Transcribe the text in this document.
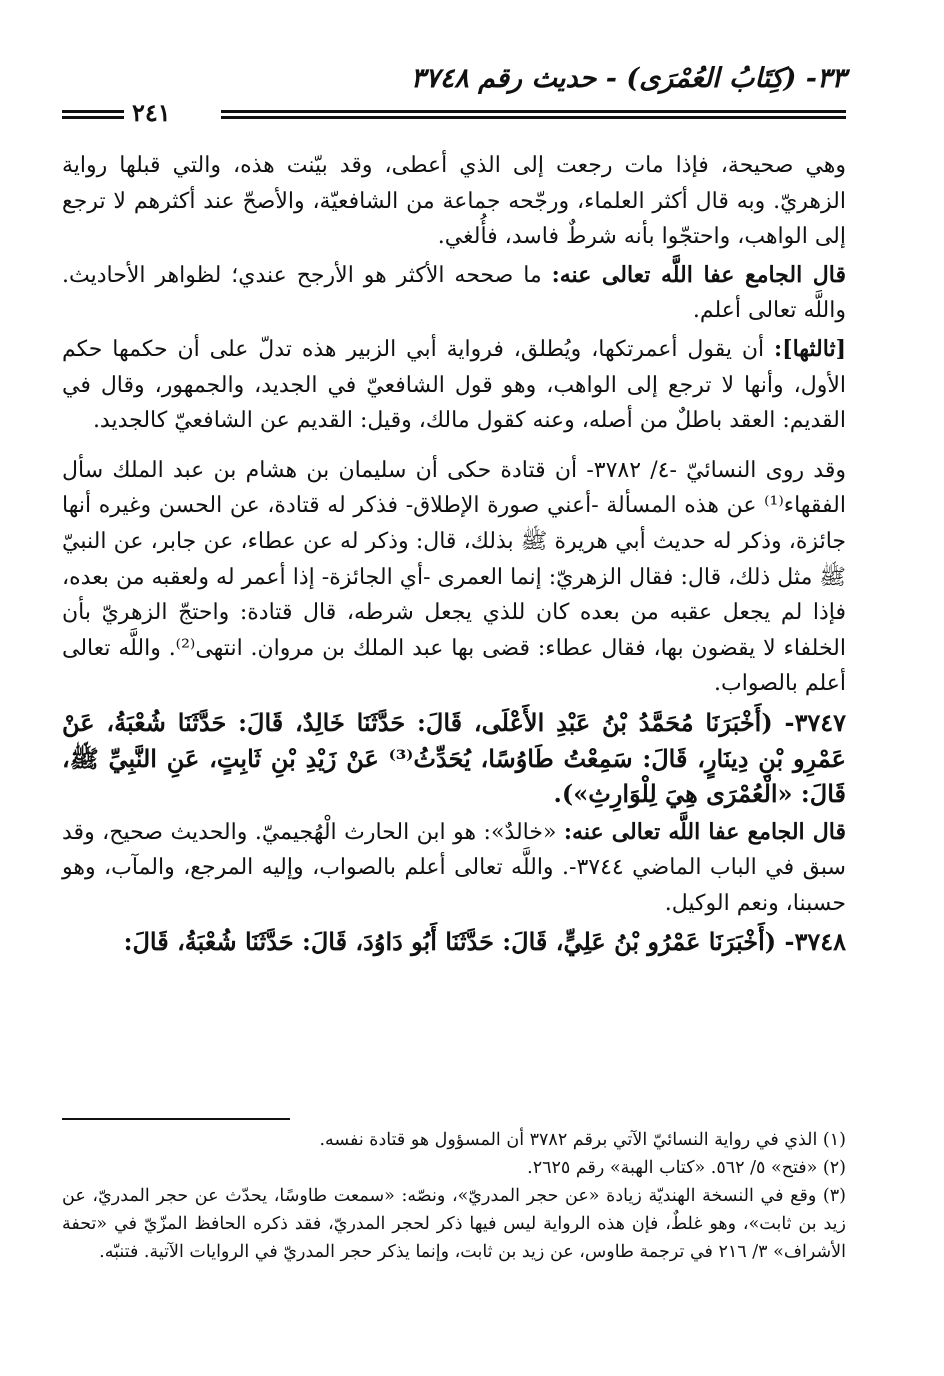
٣٣- (كِتَابُ العُمْرَى) - حديث رقم ٣٧٤٨
٢٤١

وهي صحيحة، فإذا مات رجعت إلى الذي أعطى، وقد بيّنت هذه، والتي قبلها رواية الزهريّ. وبه قال أكثر العلماء، ورجّحه جماعة من الشافعيّة، والأصحّ عند أكثرهم لا ترجع إلى الواهب، واحتجّوا بأنه شرطٌ فاسد، فأُلغي.

قال الجامع عفا اللَّه تعالى عنه: ما صححه الأكثر هو الأرجح عندي؛ لظواهر الأحاديث. واللَّه تعالى أعلم.

[ثالثها]: أن يقول أعمرتكها، ويُطلق، فرواية أبي الزبير هذه تدلّ على أن حكمها حكم الأول، وأنها لا ترجع إلى الواهب، وهو قول الشافعيّ في الجديد، والجمهور، وقال في القديم: العقد باطلٌ من أصله، وعنه كقول مالك، وقيل: القديم عن الشافعيّ كالجديد.

وقد روى النسائيّ -٤/ ٣٧٨٢- أن قتادة حكى أن سليمان بن هشام بن عبد الملك سأل الفقهاء⁽¹⁾ عن هذه المسألة -أعني صورة الإطلاق- فذكر له قتادة، عن الحسن وغيره أنها جائزة، وذكر له حديث أبي هريرة ﷺ بذلك، قال: وذكر له عن عطاء، عن جابر، عن النبيّ ﷺ مثل ذلك، قال: فقال الزهريّ: إنما العمرى -أي الجائزة- إذا أعمر له ولعقبه من بعده، فإذا لم يجعل عقبه من بعده كان للذي يجعل شرطه، قال قتادة: واحتجّ الزهريّ بأن الخلفاء لا يقضون بها، فقال عطاء: قضى بها عبد الملك بن مروان. انتهى⁽²⁾. واللَّه تعالى أعلم بالصواب.

٣٧٤٧- (أَخْبَرَنَا مُحَمَّدُ بْنُ عَبْدِ الأَعْلَى، قَالَ: حَدَّثَنَا خَالِدٌ، قَالَ: حَدَّثَنَا شُعْبَةُ، عَنْ عَمْرِو بْنِ دِينَارٍ، قَالَ: سَمِعْتُ طَاوُسًا، يُحَدِّثُ⁽³⁾ عَنْ زَيْدِ بْنِ ثَابِتٍ، عَنِ النَّبِيِّ ﷺ، قَالَ: «الْعُمْرَى هِيَ لِلْوَارِثِ»).

قال الجامع عفا اللَّه تعالى عنه: «خالدٌ»: هو ابن الحارث الْهُجيميّ. والحديث صحيح، وقد سبق في الباب الماضي ٣٧٤٤-. واللَّه تعالى أعلم بالصواب، وإليه المرجع، والمآب، وهو حسبنا، ونعم الوكيل.

٣٧٤٨- (أَخْبَرَنَا عَمْرُو بْنُ عَلِيٍّ، قَالَ: حَدَّثَنَا أَبُو دَاوُدَ، قَالَ: حَدَّثَنَا شُعْبَةُ، قَالَ:

(١) الذي في رواية النسائيّ الآتي برقم ٣٧٨٢ أن المسؤول هو قتادة نفسه.

(٢) «فتح» ٥/ ٥٦٢. «كتاب الهبة» رقم ٢٦٢٥.

(٣) وقع في النسخة الهنديّة زيادة «عن حجر المدريّ»، ونصّه: «سمعت طاوسًا، يحدّث عن حجر المدريّ، عن زيد بن ثابت»، وهو غلطٌ، فإن هذه الرواية ليس فيها ذكر لحجر المدريّ، فقد ذكره الحافظ المزّيّ في «تحفة الأشراف» ٣/ ٢١٦ في ترجمة طاوس، عن زيد بن ثابت، وإنما يذكر حجر المدريّ في الروايات الآتية. فتنبّه.
